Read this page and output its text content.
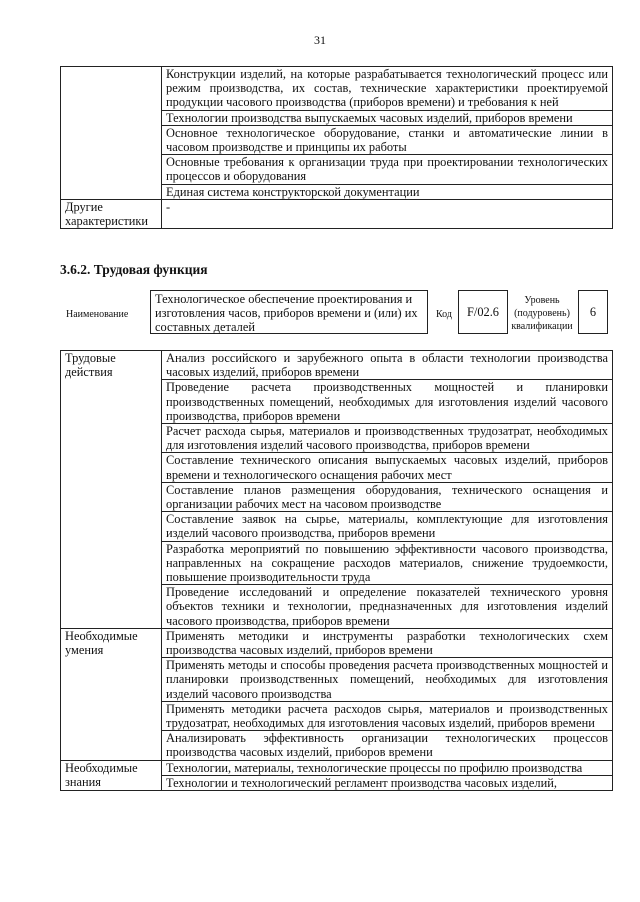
31
	Конструкции изделий, на которые разрабатывается технологический процесс или режим производства, их состав, технические характеристики проектируемой продукции часового производства (приборов времени) и требования к ней
	Технологии производства выпускаемых часовых изделий, приборов времени
	Основное технологическое оборудование, станки и автоматические линии в часовом производстве и принципы их работы
	Основные требования к организации труда при проектировании технологических процессов и оборудования
	Единая система конструкторской документации
Другие характеристики	-
3.6.2. Трудовая функция
Наименование
Технологическое обеспечение проектирования и изготовления часов, приборов времени и (или) их составных деталей
Код	F/02.6
Уровень (подуровень) квалификации
6
Трудовые действия	Анализ российского и зарубежного опыта в области технологии производства часовых изделий, приборов времени
	Проведение расчета производственных мощностей и планировки производственных помещений, необходимых для изготовления изделий часового производства, приборов времени
	Расчет расхода сырья, материалов и производственных трудозатрат, необходимых для изготовления изделий часового производства, приборов времени
	Составление технического описания выпускаемых часовых изделий, приборов времени и технологического оснащения рабочих мест
	Составление планов размещения оборудования, технического оснащения и организации рабочих мест на часовом производстве
	Составление заявок на сырье, материалы, комплектующие для изготовления изделий часового производства, приборов времени
	Разработка мероприятий по повышению эффективности часового производства, направленных на сокращение расходов материалов, снижение трудоемкости, повышение производительности труда
	Проведение исследований и определение показателей технического уровня объектов техники и технологии, предназначенных для изготовления изделий часового производства, приборов времени
Необходимые умения	Применять методики и инструменты разработки технологических схем производства часовых изделий, приборов времени
	Применять методы и способы проведения расчета производственных мощностей и планировки производственных помещений, необходимых для изготовления изделий часового производства
	Применять методики расчета расходов сырья, материалов и производственных трудозатрат, необходимых для изготовления часовых изделий, приборов времени
	Анализировать эффективность организации технологических процессов производства часовых изделий, приборов времени
Необходимые знания	Технологии, материалы, технологические процессы по профилю производства
	Технологии и технологический регламент производства часовых изделий,
